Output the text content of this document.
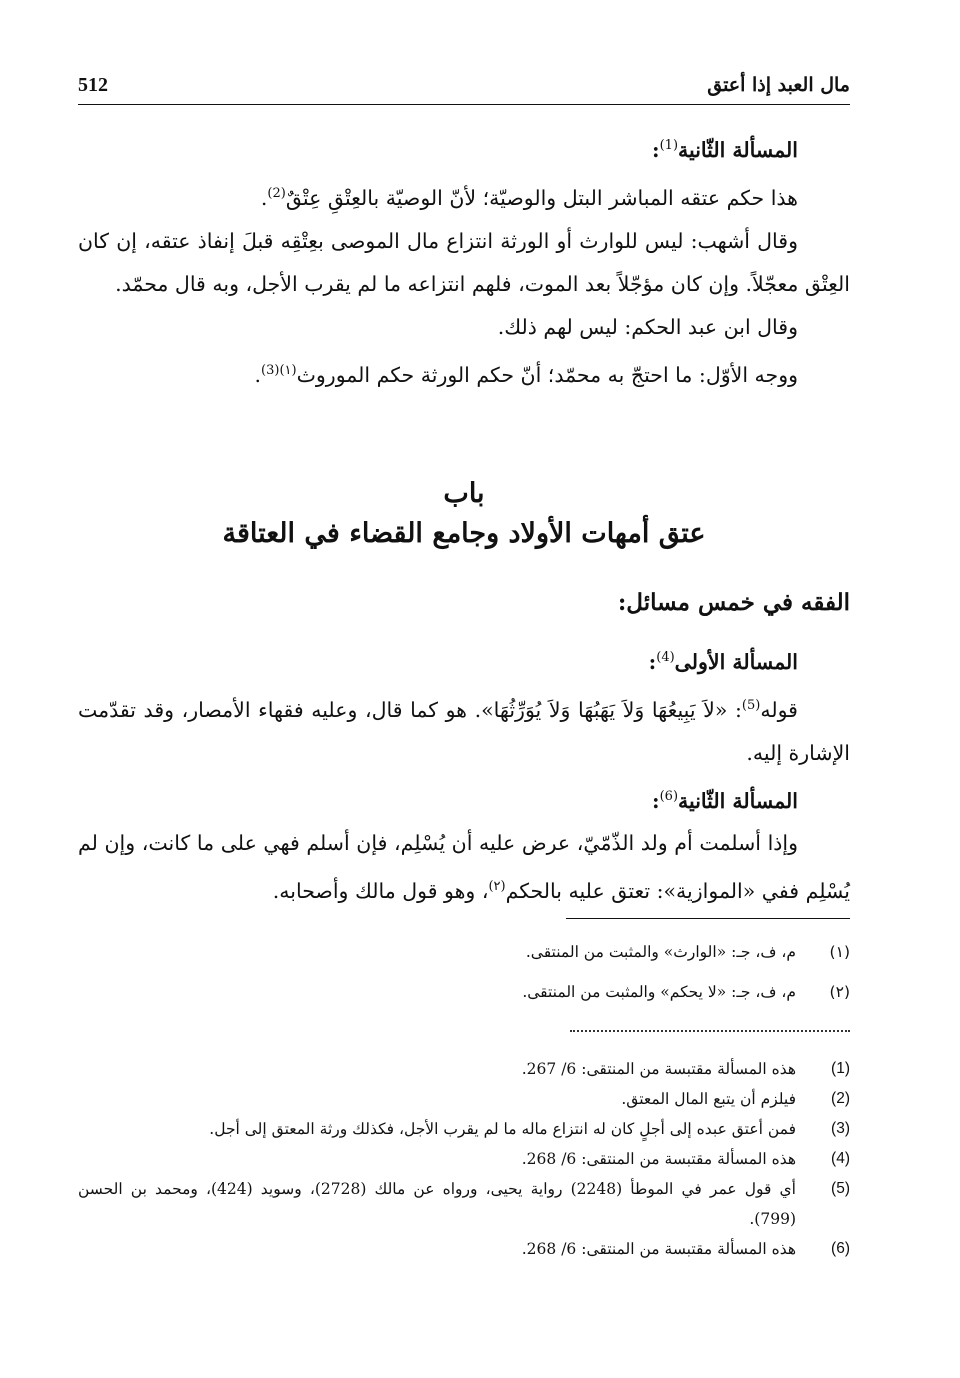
512	مال العبد إذا أعتق

المسألة الثّانية$^{(1)}$:

هذا حكم عتقه المباشر البتل والوصيّة؛ لأنّ الوصيّة بالعِتْقِ عِتْقٌ$^{(2)}$.

وقال أشهب: ليس للوارث أو الورثة انتزاع مال الموصى بعِتْقِه قبلَ إنفاذ عتقه، إن كان العِتْق معجّلاً. وإن كان مؤجّلاً بعد الموت، فلهم انتزاعه ما لم يقرب الأجل، وبه قال محمّد.

وقال ابن عبد الحكم: ليس لهم ذلك.

ووجه الأوّل: ما احتجّ به محمّد؛ أنّ حكم الورثة حكم الموروث$^{(١)(3)}$.

باب
عتق أمهات الأولاد وجامع القضاء في العتاقة
الفقه في خمس مسائل:

المسألة الأولى$^{(4)}$:

قوله$^{(5)}$: «لاَ يَبِيعُهَا وَلاَ يَهَبُهَا وَلاَ يُوَرِّثُهَا». هو كما قال، وعليه فقهاء الأمصار، وقد تقدّمت الإشارة إليه.

المسألة الثّانية$^{(6)}$:

وإذا أسلمت أم ولد الذّمّيّ، عرض عليه أن يُسْلِم، فإن أسلم فهي على ما كانت، وإن لم يُسْلِم ففي «الموازية»: تعتق عليه بالحكم$^{(٢)}$، وهو قول مالك وأصحابه.

(١)
م، ف، جـ: «الوارث» والمثبت من المنتقى.
(٢)
م، ف، جـ: «لا يحكم» والمثبت من المنتقى.
(1)
هذه المسألة مقتبسة من المنتقى: 6/ 267.
(2)
فيلزم أن يتبع المال المعتق.
(3)
فمن أعتق عبده إلى أجلٍ كان له انتزاع ماله ما لم يقرب الأجل، فكذلك ورثة المعتق إلى أجل.
(4)
هذه المسألة مقتبسة من المنتقى: 6/ 268.
(5)
أي قول عمر في الموطأ (2248) رواية يحيى، ورواه عن مالك (2728)، وسويد (424)، ومحمد بن الحسن (799).
(6)
هذه المسألة مقتبسة من المنتقى: 6/ 268.
